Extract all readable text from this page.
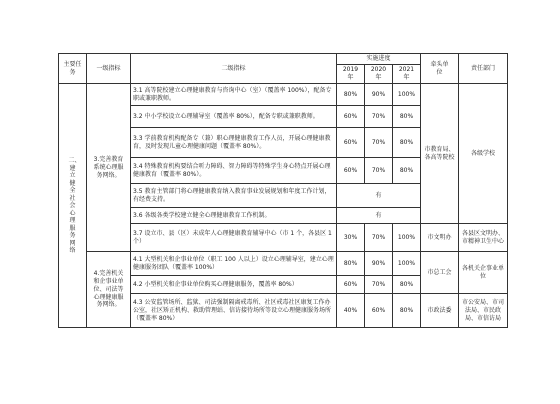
主要任务	一级指标	二级指标	实施进度			牵头单位	责任部门
			2019 年	2020 年	2021 年		

二、建立健全社会心理服务网络	3.完善教育系统心理服务网络。	3.1 高等院校建立心理健康教育与咨询中心（室）（覆盖率 100%），配备专职或兼职教师。	80%	90%	100%	市教育局、各高等院校	各级学校
		3.2 中小学校设立心理辅导室（覆盖率 80%），配备专职或兼职教师。	60%	70%	80%		
		3.3 学前教育机构配备专（兼）职心理健康教育工作人员，开展心理健康教育，及时发现儿童心理健康问题（覆盖率 80%）。	60%	70%	80%		
		3.4 特殊教育机构要结合听力障碍、智力障碍等特殊学生身心特点开展心理健康教育（覆盖率 80%）。	60%	70%	80%		
		3.5 教育主管部门将心理健康教育纳入教育事业发展规划和年度工作计划，有经费支持。	有				
		3.6 各级各类学校建立健全心理健康教育工作机制。	有				
		3.7 设立市、县（区）未成年人心理健康教育辅导中心（市 1 个，各县区 1 个）	30%	70%	100%	市文明办	各县区文明办、市精神卫生中心

	4.完善机关和企事业单位、司法等心理健康服务网络。	4.1 大型机关和企事业单位（职工 100 人以上）设立心理辅导室，建立心理健康服务团队（覆盖率 100%）	80%	90%	100%	市总工会	各机关企事业单位
		4.2 小型机关和企事业单位购买心理健康服务，覆盖率 80%）	60%	70%	80%		
		4.3 公安监管场所、监狱、司法强制隔离戒毒所、社区戒毒社区康复工作办公室，社区矫正机构、救助管理站、信访接待场所等设立心理健康服务场所（覆盖率 80%）	40%	60%	80%	市政法委	市公安局、市司法局、市民政局、市信访局
